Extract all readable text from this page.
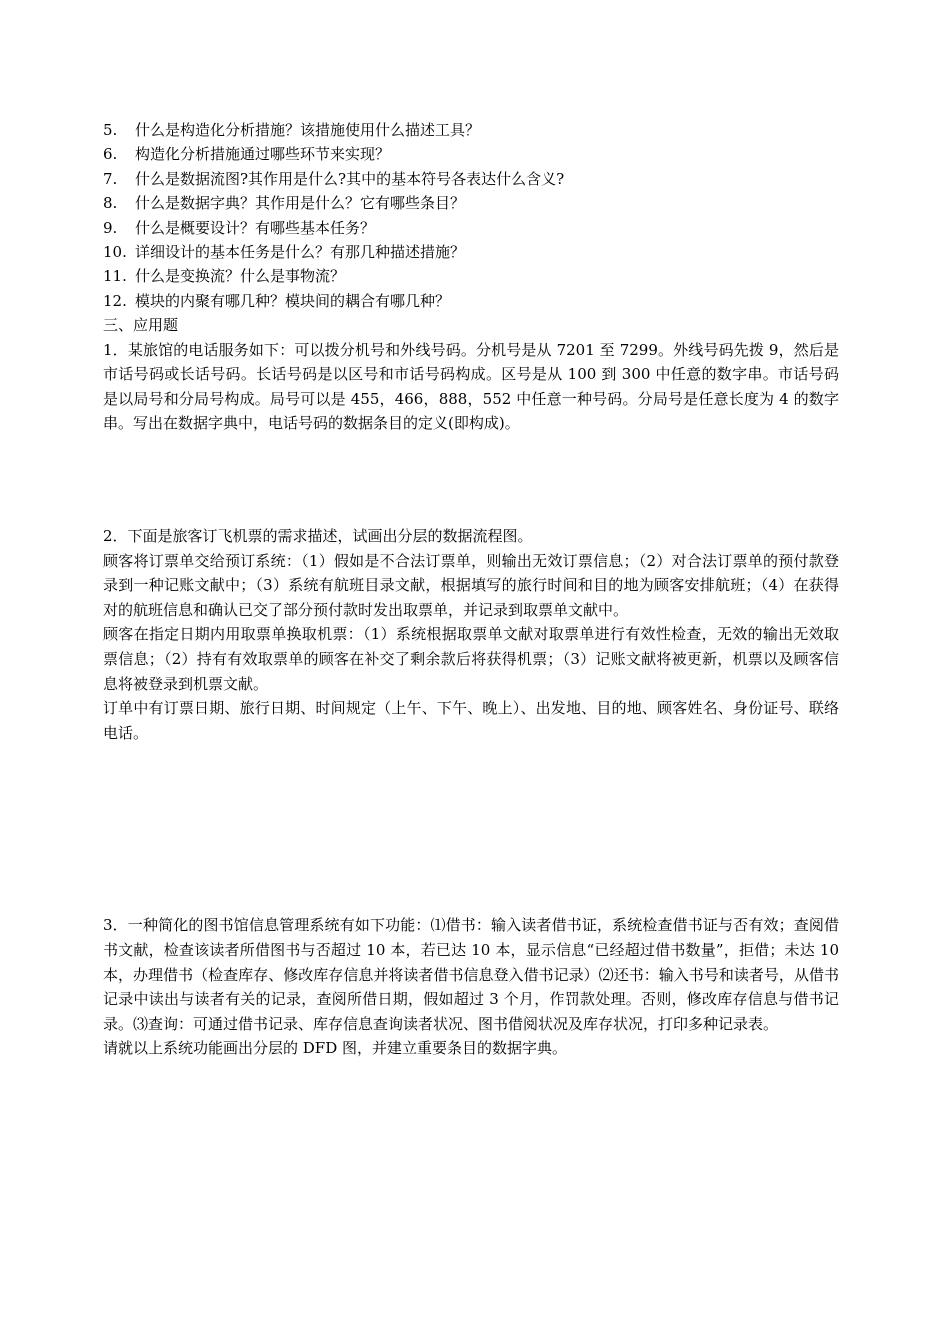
5.	什么是构造化分析措施？该措施使用什么描述工具？
6.	构造化分析措施通过哪些环节来实现？
7.	什么是数据流图?其作用是什么?其中的基本符号各表达什么含义?
8.	什么是数据字典？其作用是什么？它有哪些条目？
9.	什么是概要设计？有哪些基本任务？
10. 详细设计的基本任务是什么？有那几种描述措施？
11. 什么是变换流？什么是事物流？
12. 模块的内聚有哪几种？模块间的耦合有哪几种？

三、应用题

1．某旅馆的电话服务如下：可以拨分机号和外线号码。分机号是从 7201 至 7299。外线号码先拨 9，然后是市话号码或长话号码。长话号码是以区号和市话号码构成。区号是从 100 到 300 中任意的数字串。市话号码是以局号和分局号构成。局号可以是 455，466，888，552 中任意一种号码。分局号是任意长度为 4 的数字串。写出在数据字典中，电话号码的数据条目的定义(即构成)。

2．下面是旅客订飞机票的需求描述，试画出分层的数据流程图。

顾客将订票单交给预订系统：（1）假如是不合法订票单，则输出无效订票信息；（2）对合法订票单的预付款登录到一种记账文献中；（3）系统有航班目录文献，根据填写的旅行时间和目的地为顾客安排航班；（4）在获得对的航班信息和确认已交了部分预付款时发出取票单，并记录到取票单文献中。

顾客在指定日期内用取票单换取机票：（1）系统根据取票单文献对取票单进行有效性检查，无效的输出无效取票信息；（2）持有有效取票单的顾客在补交了剩余款后将获得机票；（3）记账文献将被更新，机票以及顾客信息将被登录到机票文献。

订单中有订票日期、旅行日期、时间规定（上午、下午、晚上）、出发地、目的地、顾客姓名、身份证号、联络电话。

3．一种简化的图书馆信息管理系统有如下功能：⑴借书：输入读者借书证，系统检查借书证与否有效；查阅借书文献，检查该读者所借图书与否超过 10 本，若已达 10 本，显示信息“已经超过借书数量”，拒借；未达 10 本，办理借书（检查库存、修改库存信息并将读者借书信息登入借书记录）⑵还书：输入书号和读者号，从借书记录中读出与读者有关的记录，查阅所借日期，假如超过 3 个月，作罚款处理。否则，修改库存信息与借书记录。⑶查询：可通过借书记录、库存信息查询读者状况、图书借阅状况及库存状况，打印多种记录表。

请就以上系统功能画出分层的 DFD 图，并建立重要条目的数据字典。
